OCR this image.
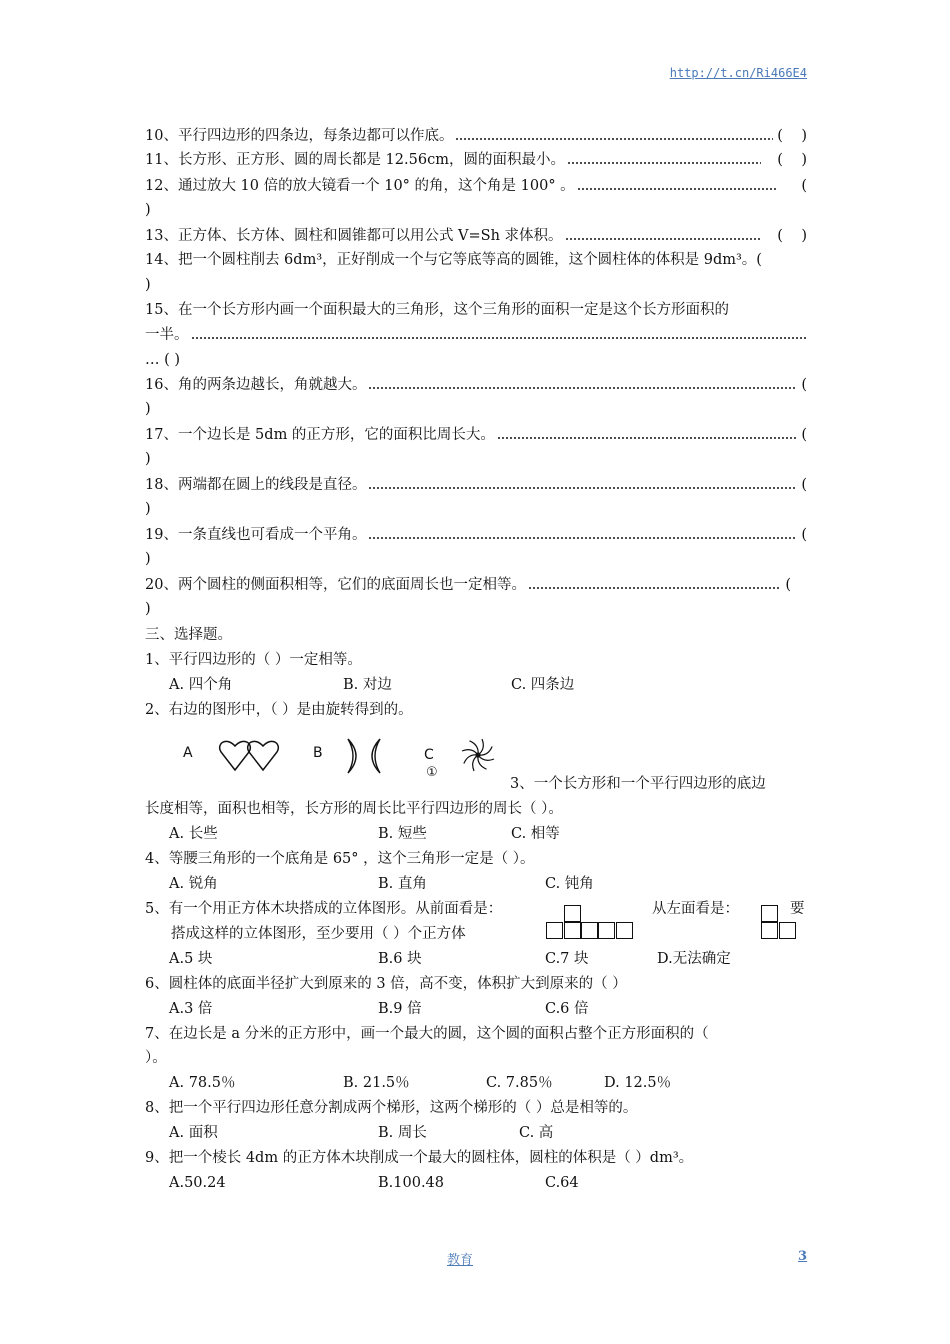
http://t.cn/Ri466E4
10、平行四边形的四条边，每条边都可以作底。	(    )
11、长方形、正方形、圆的周长都是 12.56cm，圆的面积最小。	(    )
12、通过放大 10 倍的放大镜看一个 10° 的角，这个角是 100° 。	(
)
13、正方体、长方体、圆柱和圆锥都可以用公式 V=Sh 求体积。	(    )
14、把一个圆柱削去 6dm³，正好削成一个与它等底等高的圆锥，这个圆柱体的体积是 9dm³。(
)
15、在一个长方形内画一个面积最大的三角形，这个三角形的面积一定是这个长方形面积的
一半。
… ( )
16、角的两条边越长，角就越大。	(
)
17、一个边长是 5dm 的正方形，它的面积比周长大。	(
)
18、两端都在圆上的线段是直径。	(
)
19、一条直线也可看成一个平角。	(
)
20、两个圆柱的侧面积相等，它们的底面周长也一定相等。	(
)
三、选择题。
1、平行四边形的（ ）一定相等。
A. 四个角	B. 对边	C. 四条边
2、右边的图形中，（ ）是由旋转得到的。
A	B	C
①
3、一个长方形和一个平行四边形的底边
长度相等，面积也相等，长方形的周长比平行四边形的周长（ ）。
A. 长些	B. 短些	C. 相等
4、等腰三角形的一个底角是 65° ，这个三角形一定是（ ）。
A. 锐角	B. 直角	C. 钝角
5、有一个用正方体木块搭成的立体图形。从前面看是：	从左面看是：	要
搭成这样的立体图形，至少要用（ ）个正方体
A.5 块	B.6 块	C.7 块	D.无法确定
6、圆柱体的底面半径扩大到原来的 3 倍，高不变，体积扩大到原来的（ ）
A.3 倍	B.9 倍	C.6 倍
7、在边长是 a 分米的正方形中，画一个最大的圆，这个圆的面积占整个正方形面积的（
）。
A. 78.5％	B. 21.5％	C. 7.85％	D. 12.5％
8、把一个平行四边形任意分割成两个梯形，这两个梯形的（ ）总是相等的。
A. 面积	B. 周长	C. 高
9、把一个棱长 4dm 的正方体木块削成一个最大的圆柱体，圆柱的体积是（ ）dm³。
A.50.24	B.100.48	C.64
教育	3
